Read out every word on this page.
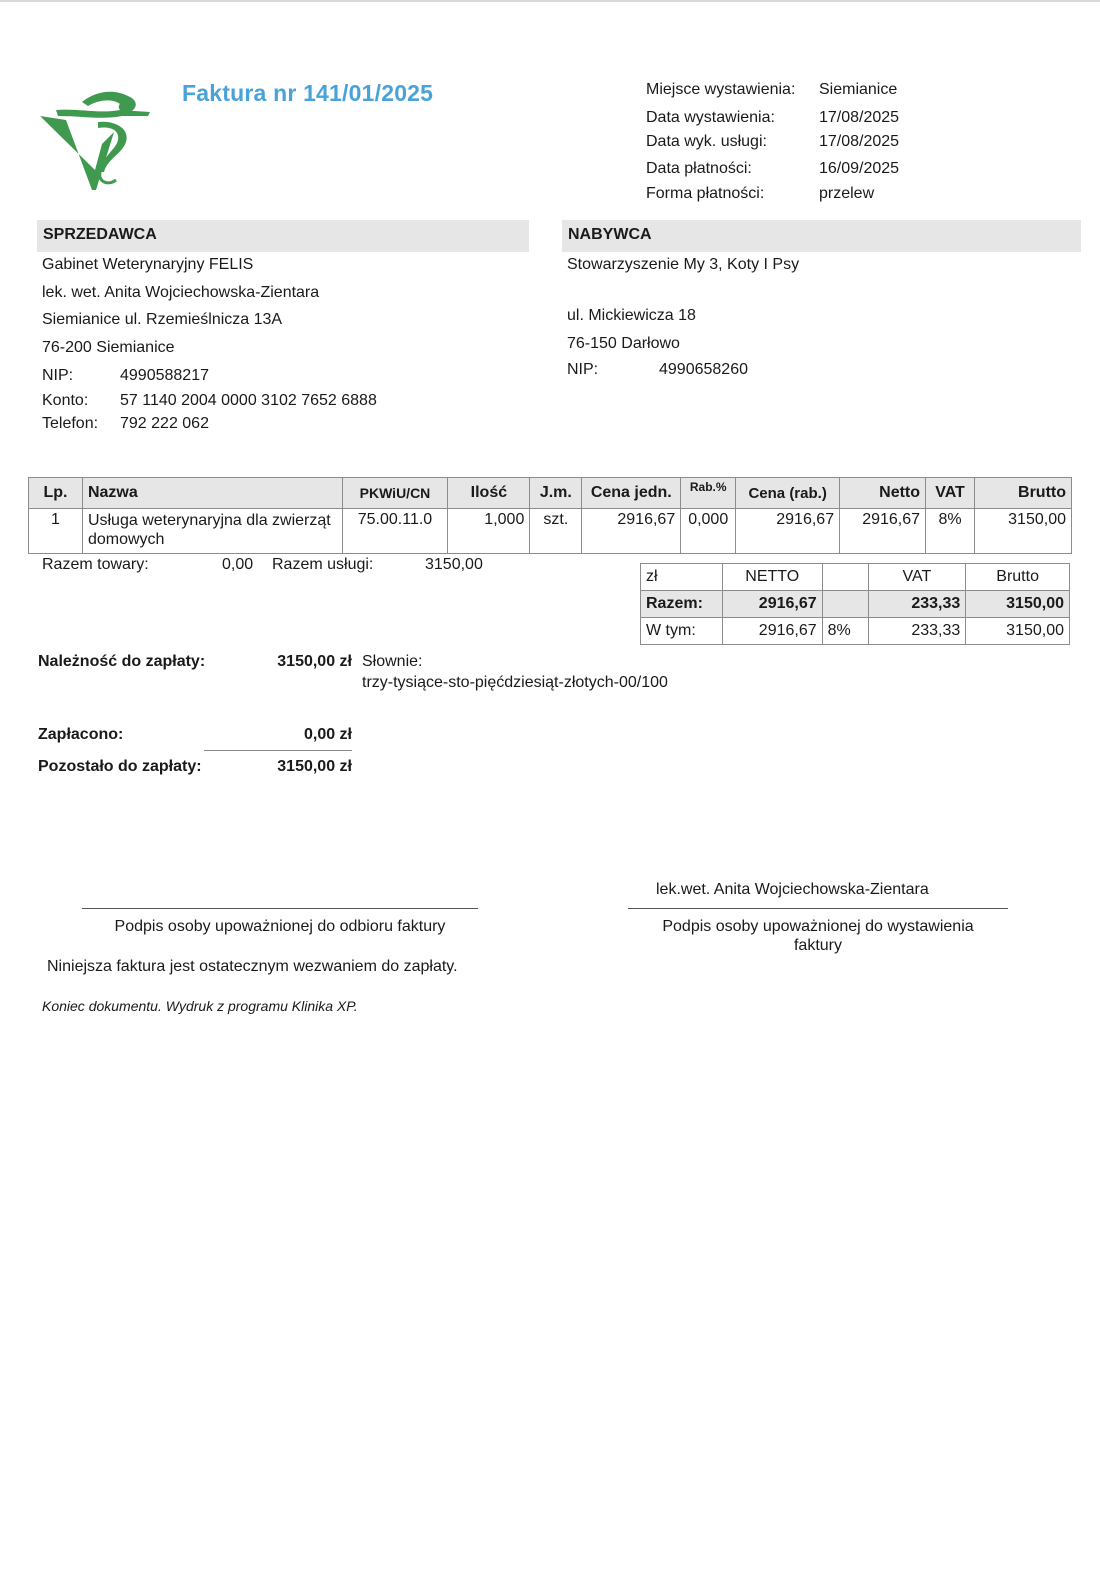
Faktura nr 141/01/2025	Miejsce wystawienia: Siemianice
Data wystawienia:	17/08/2025
Data wyk. usługi:	17/08/2025
Data płatności:	16/09/2025
Forma płatności:	przelew
SPRZEDAWCA	NABYWCA
Gabinet Weterynaryjny FELIS
lek. wet. Anita Wojciechowska-Zientara
Siemianice ul. Rzemieślnicza 13A
76-200 Siemianice
NIP:	4990588217
Konto: 57 1140 2004 0000 3102 7652 6888
Telefon: 792 222 062
Stowarzyszenie My 3, Koty I Psy
ul. Mickiewicza 18
76-150 Darłowo
NIP:	4990658260
Lp.	Nazwa	PKWiU/CN	Ilość	J.m.	Cena jedn.	Rab.%	Cena (rab.)	Netto	VAT	Brutto
1	Usługa weterynaryjna dla zwierząt domowych	75.00.11.0	1,000	szt.	2916,67	0,000	2916,67	2916,67	8%	3150,00
Razem towary:	0,00 Razem usługi:	3150,00
zł	NETTO		VAT	Brutto
Razem:	2916,67		233,33	3150,00
W tym:	2916,67	8%	233,33	3150,00
Należność do zapłaty:	3150,00 zł Słownie:
trzy-tysiące-sto-pięćdziesiąt-złotych-00/100
Zapłacono:	0,00 zł
Pozostało do zapłaty:	3150,00 zł
lek.wet. Anita Wojciechowska-Zientara
Podpis osoby upoważnionej do odbioru faktury	Podpis osoby upoważnionej do wystawienia
faktury
Niniejsza faktura jest ostatecznym wezwaniem do zapłaty.
Koniec dokumentu. Wydruk z programu Klinika XP.
